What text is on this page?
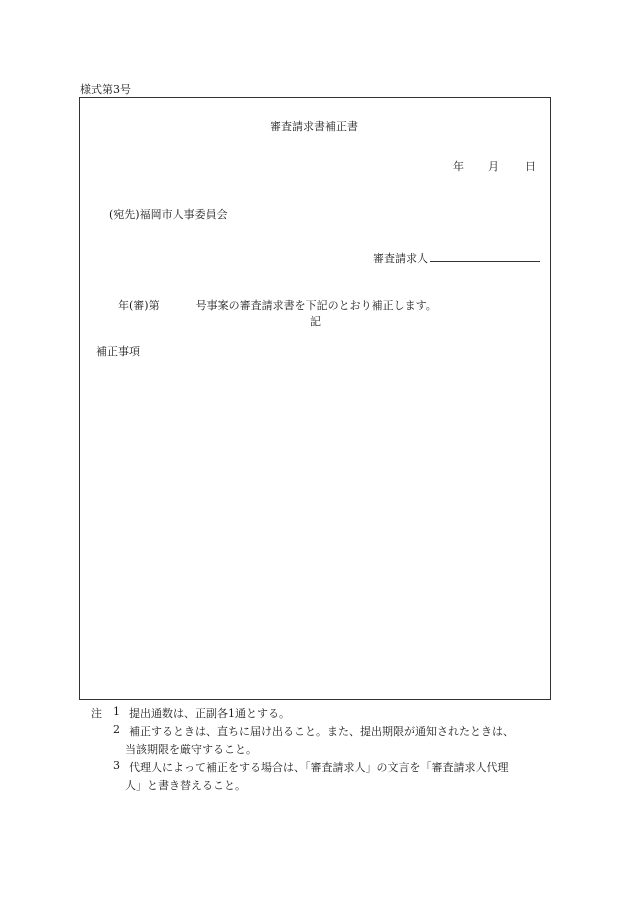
様式第3号
審査請求書補正書
年 月 日
(宛先)福岡市人事委員会
審査請求人
年(審)第	号事案の審査請求書を下記のとおり補正します。
記
補正事項
注 1 提出通数は、正副各1通とする。
2 補正するときは、直ちに届け出ること。また、提出期限が通知されたときは、
当該期限を厳守すること。
3 代理人によって補正をする場合は、「審査請求人」の文言を「審査請求人代理
人」と書き替えること。
